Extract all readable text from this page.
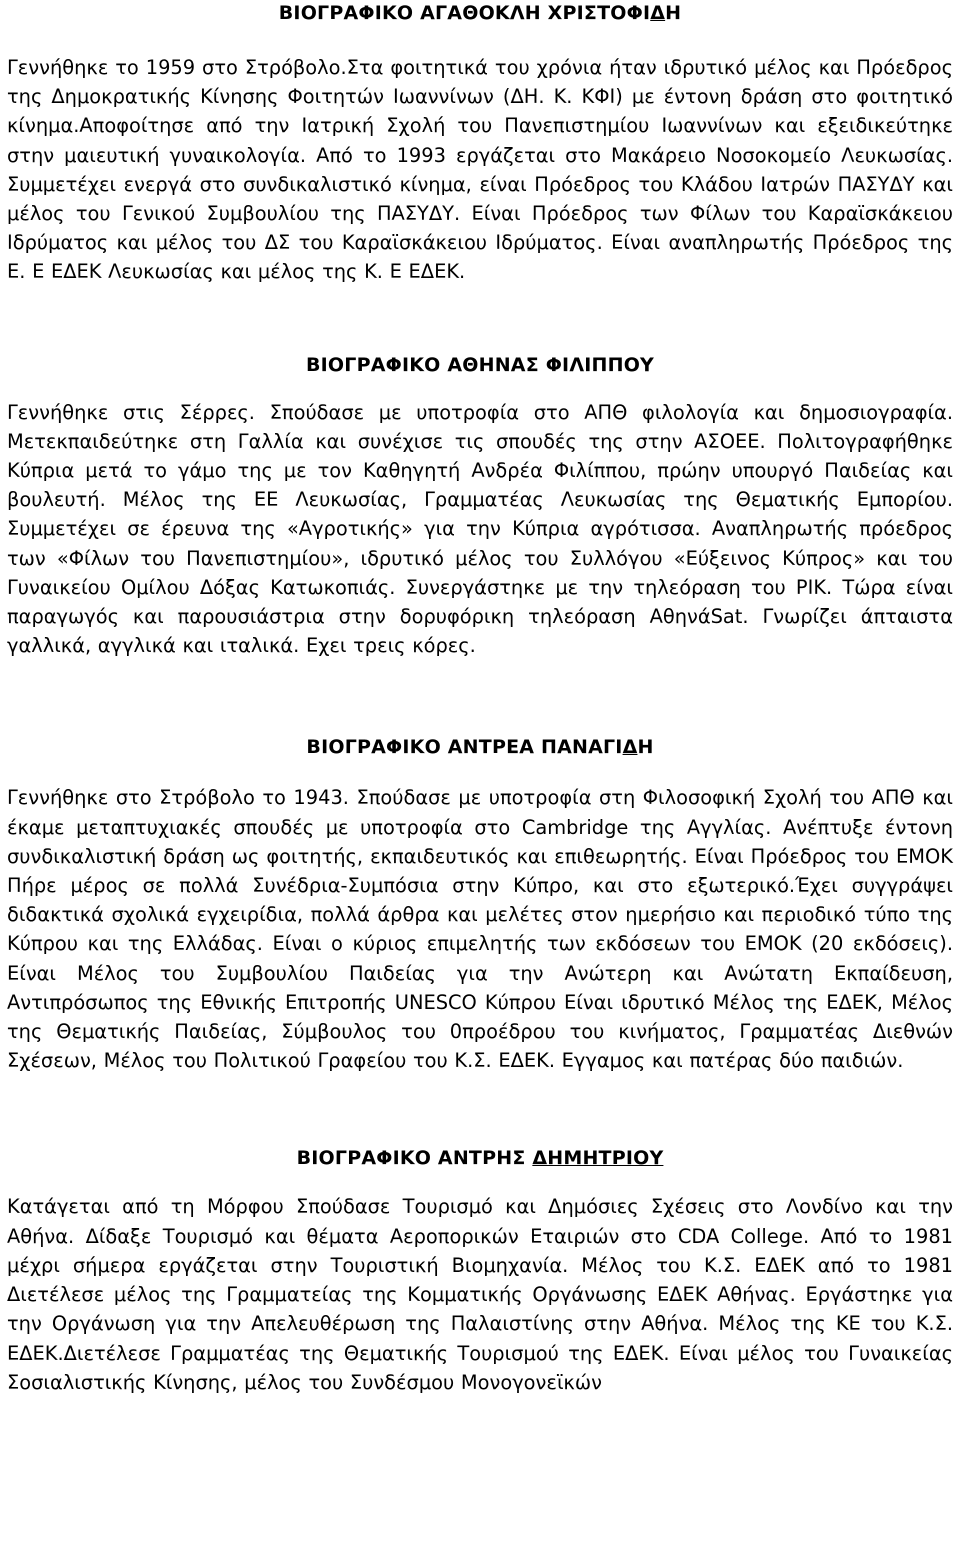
ΒΙΟΓΡΑΦΙΚΟ ΑΓΑΘΟΚΛΗ ΧΡΙΣΤΟΦΙΔΗ

Γεννήθηκε το 1959 στο Στρόβολο.Στα φοιτητικά του χρόνια ήταν ιδρυτικό μέλος και Πρόεδρος της Δημοκρατικής Κίνησης Φοιτητών Ιωαννίνων (ΔΗ. Κ. ΚΦΙ) με έντονη δράση στο φοιτητικό κίνημα.Αποφοίτησε από την Ιατρική Σχολή του Πανεπιστημίου Ιωαννίνων και εξειδικεύτηκε στην μαιευτική γυναικολογία. Από το 1993 εργάζεται στο Μακάρειο Νοσοκομείο Λευκωσίας. Συμμετέχει ενεργά στο συνδικαλιστικό κίνημα, είναι Πρόεδρος του Κλάδου Ιατρών ΠΑΣΥΔΥ και μέλος του Γενικού Συμβουλίου της ΠΑΣΥΔΥ. Είναι Πρόεδρος των Φίλων του Καραϊσκάκειου Ιδρύματος και μέλος του ΔΣ του Καραϊσκάκειου Ιδρύματος. Είναι αναπληρωτής Πρόεδρος της Ε. Ε ΕΔΕΚ Λευκωσίας και μέλος της Κ. Ε ΕΔΕΚ.

ΒΙΟΓΡΑΦΙΚΟ ΑΘΗΝΑΣ ΦΙΛΙΠΠΟΥ

Γεννήθηκε στις Σέρρες. Σπούδασε με υποτροφία στο ΑΠΘ φιλολογία και δημοσιογραφία. Μετεκπαιδεύτηκε στη Γαλλία και συνέχισε τις σπουδές της στην ΑΣΟΕΕ. Πολιτογραφήθηκε Κύπρια μετά το γάμο της με τον Καθηγητή Ανδρέα Φιλίππου, πρώην υπουργό Παιδείας και βουλευτή. Μέλος της ΕΕ Λευκωσίας, Γραμματέας Λευκωσίας της Θεματικής Εμπορίου. Συμμετέχει σε έρευνα της «Αγροτικής» για την Κύπρια αγρότισσα. Αναπληρωτής πρόεδρος των «Φίλων του Πανεπιστημίου», ιδρυτικό μέλος του Συλλόγου «Εύξεινος Κύπρος» και του Γυναικείου Ομίλου Δόξας Κατωκοπιάς. Συνεργάστηκε με την τηλεόραση του ΡΙΚ. Τώρα είναι παραγωγός και παρουσιάστρια στην δορυφόρικη τηλεόραση ΑθηνάSat. Γνωρίζει άπταιστα γαλλικά, αγγλικά και ιταλικά. Εχει τρεις κόρες.

ΒΙΟΓΡΑΦΙΚΟ ΑΝΤΡΕΑ ΠΑΝΑΓΙΔΗ

Γεννήθηκε στο Στρόβολο το 1943. Σπούδασε με υποτροφία στη Φιλοσοφική Σχολή του ΑΠΘ και έκαμε μεταπτυχιακές σπουδές με υποτροφία στο Cambridge της Αγγλίας. Ανέπτυξε έντονη συνδικαλιστική δράση ως φοιτητής, εκπαιδευτικός και επιθεωρητής. Είναι Πρόεδρος του ΕΜΟΚ Πήρε μέρος σε πολλά Συνέδρια-Συμπόσια στην Κύπρο, και στο εξωτερικό.Έχει συγγράψει διδακτικά σχολικά εγχειρίδια, πολλά άρθρα και μελέτες στον ημερήσιο και περιοδικό τύπο της Κύπρου και της Ελλάδας. Είναι ο κύριος επιμελητής των εκδόσεων του ΕΜΟΚ (20 εκδόσεις). Είναι Μέλος του Συμβουλίου Παιδείας για την Ανώτερη και Ανώτατη Εκπαίδευση, Αντιπρόσωπος της Εθνικής Επιτροπής UNESCO Κύπρου Είναι ιδρυτικό Μέλος της ΕΔΕΚ, Μέλος της Θεματικής Παιδείας, Σύμβουλος του 0προέδρου του κινήματος, Γραμματέας Διεθνών Σχέσεων, Μέλος του Πολιτικού Γραφείου του Κ.Σ. ΕΔΕΚ. Εγγαμος και πατέρας δύο παιδιών.

ΒΙΟΓΡΑΦΙΚΟ ΑΝΤΡΗΣ ΔΗΜΗΤΡΙΟΥ

Κατάγεται από τη Μόρφου Σπούδασε Τουρισμό και Δημόσιες Σχέσεις στο Λονδίνο και την Αθήνα. Δίδαξε Τουρισμό και θέματα Αεροπορικών Εταιριών στο CDA College. Από το 1981 μέχρι σήμερα εργάζεται στην Τουριστική Βιομηχανία. Μέλος του Κ.Σ. ΕΔΕΚ από το 1981 Διετέλεσε μέλος της Γραμματείας της Κομματικής Οργάνωσης ΕΔΕΚ Αθήνας. Εργάστηκε για την Οργάνωση για την Απελευθέρωση της Παλαιστίνης στην Αθήνα. Μέλος της ΚΕ του Κ.Σ. ΕΔΕΚ.Διετέλεσε Γραμματέας της Θεματικής Τουρισμού της ΕΔΕΚ. Είναι μέλος του Γυναικείας Σοσιαλιστικής Κίνησης, μέλος του Συνδέσμου Μονογονεϊκών
